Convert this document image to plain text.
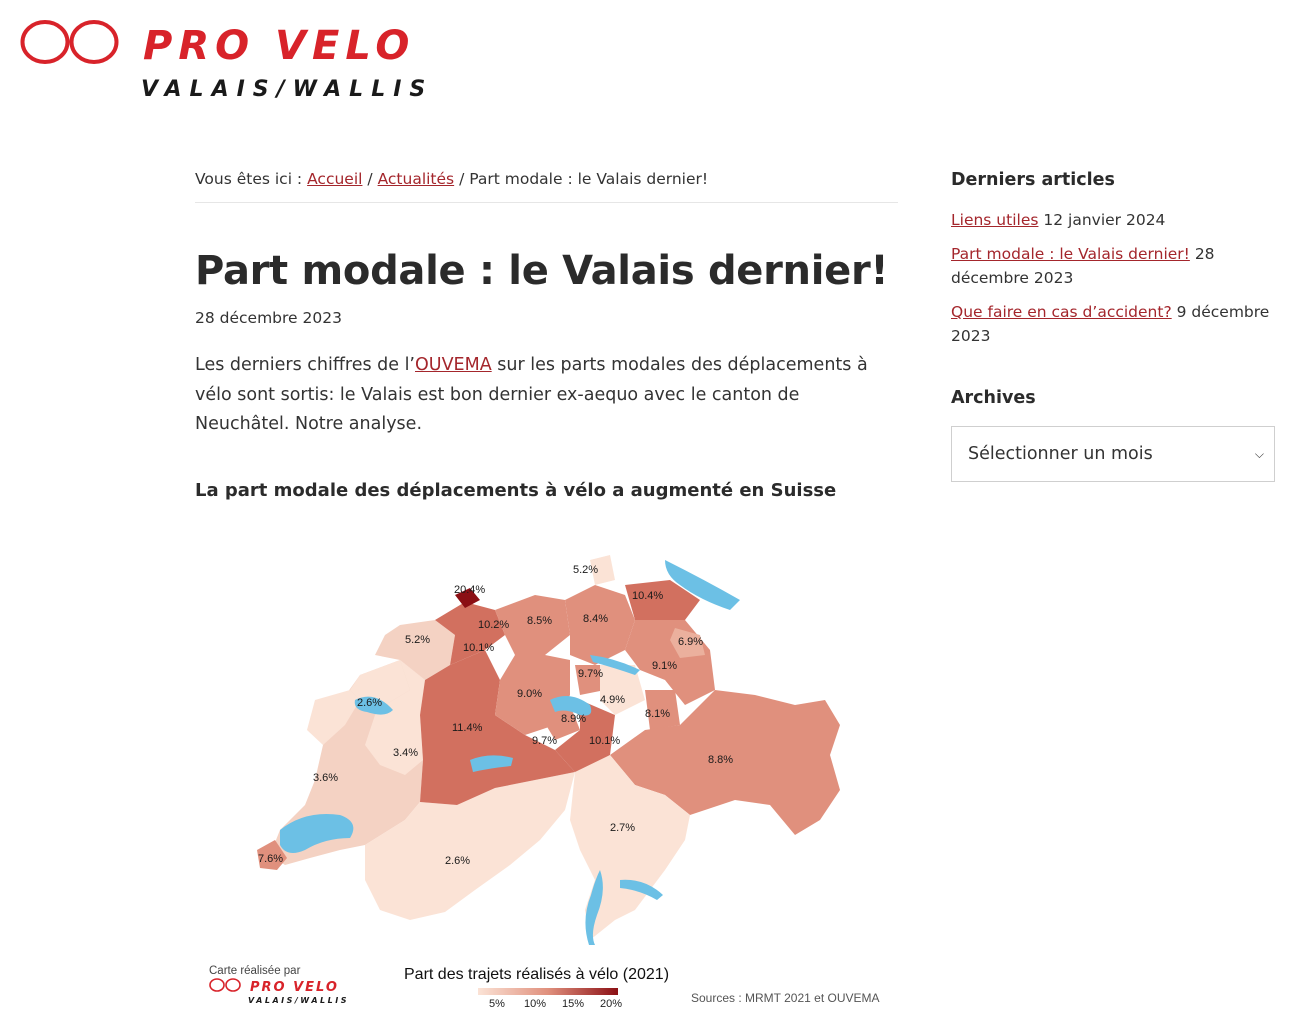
PRO VELO
VALAIS/WALLIS
Vous êtes ici : Accueil / Actualités / Part modale : le Valais dernier!
Part modale : le Valais dernier!
28 décembre 2023

Les derniers chiffres de l’OUVEMA sur les parts modales des déplacements à vélo sont sortis: le Valais est bon dernier ex-aequo avec le canton de Neuchâtel. Notre analyse.

La part modale des déplacements à vélo a augmenté en Suisse
5.2%
20.4%	10.4%
10.2% 8.5%	8.4%
5.2%
10.1%	6.9%
9.1%
9.7%
9.0%	4.9%
2.6%
8.9%	8.1%
11.4%
9.7%	10.1%
3.4%
8.8%
3.6%
2.7%
7.6%	2.6%
Carte réalisée par
PRO VELO
VALAIS/WALLIS
Part des trajets réalisés à vélo (2021)
5% 10% 15% 20%	Sources : MRMT 2021 et OUVEMA
Derniers articles
Liens utiles 12 janvier 2024
Part modale : le Valais dernier! 28 décembre 2023
Que faire en cas d’accident? 9 décembre 2023
Archives
Sélectionner un mois	⌵
